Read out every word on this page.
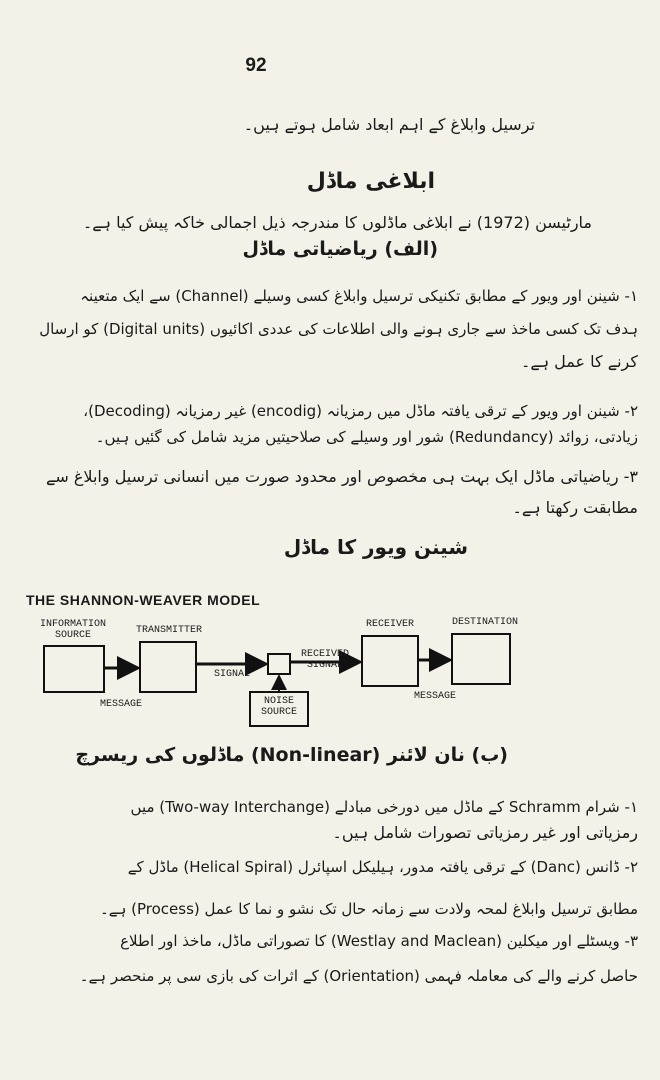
92
ترسیل وابلاغ کے اہم ابعاد شامل ہوتے ہیں۔
ابلاغی ماڈل
مارٹیسن (1972) نے ابلاغی ماڈلوں کا مندرجہ ذیل اجمالی خاکہ پیش کیا ہے۔
(الف) ریاضیاتی ماڈل
۱- شینن اور ویور کے مطابق تکنیکی ترسیل وابلاغ کسی وسیلے (Channel) سے ایک متعینہ
ہدف تک کسی ماخذ سے جاری ہونے والی اطلاعات کی عددی اکائیوں (Digital units) کو ارسال
کرنے کا عمل ہے۔
۲- شینن اور ویور کے ترقی یافتہ ماڈل میں رمزیانہ (encodig) غیر رمزیانہ (Decoding)،
زیادتی، زوائد (Redundancy) شور اور وسیلے کی صلاحیتیں مزید شامل کی گئیں ہیں۔
۳- ریاضیاتی ماڈل ایک بہت ہی مخصوص اور محدود صورت میں انسانی ترسیل وابلاغ سے
مطابقت رکھتا ہے۔
شینن ویور کا ماڈل
THE SHANNON-WEAVER MODEL
INFORMATION
SOURCE	TRANSMITTER
RECEIVER	DESTINATION
SIGNAL
RECEIVED
SIGNAL
NOISE
SOURCE
MESSAGE
MESSAGE
(ب) نان لائنر (Non-linear) ماڈلوں کی ریسرچ
۱- شرام Schramm کے ماڈل میں دورخی مبادلے (Two-way Interchange) میں
رمزیاتی اور غیر رمزیاتی تصورات شامل ہیں۔
۲- ڈانس (Danc) کے ترقی یافتہ مدور، ہیلیکل اسپائرل (Helical Spiral) ماڈل کے
مطابق ترسیل وابلاغ لمحہ ولادت سے زمانہ حال تک نشو و نما کا عمل (Process) ہے۔
۳- ویسٹلے اور میکلین (Westlay and Maclean) کا تصوراتی ماڈل، ماخذ اور اطلاع
حاصل کرنے والے کی معاملہ فہمی (Orientation) کے اثرات کی بازی سی پر منحصر ہے۔
